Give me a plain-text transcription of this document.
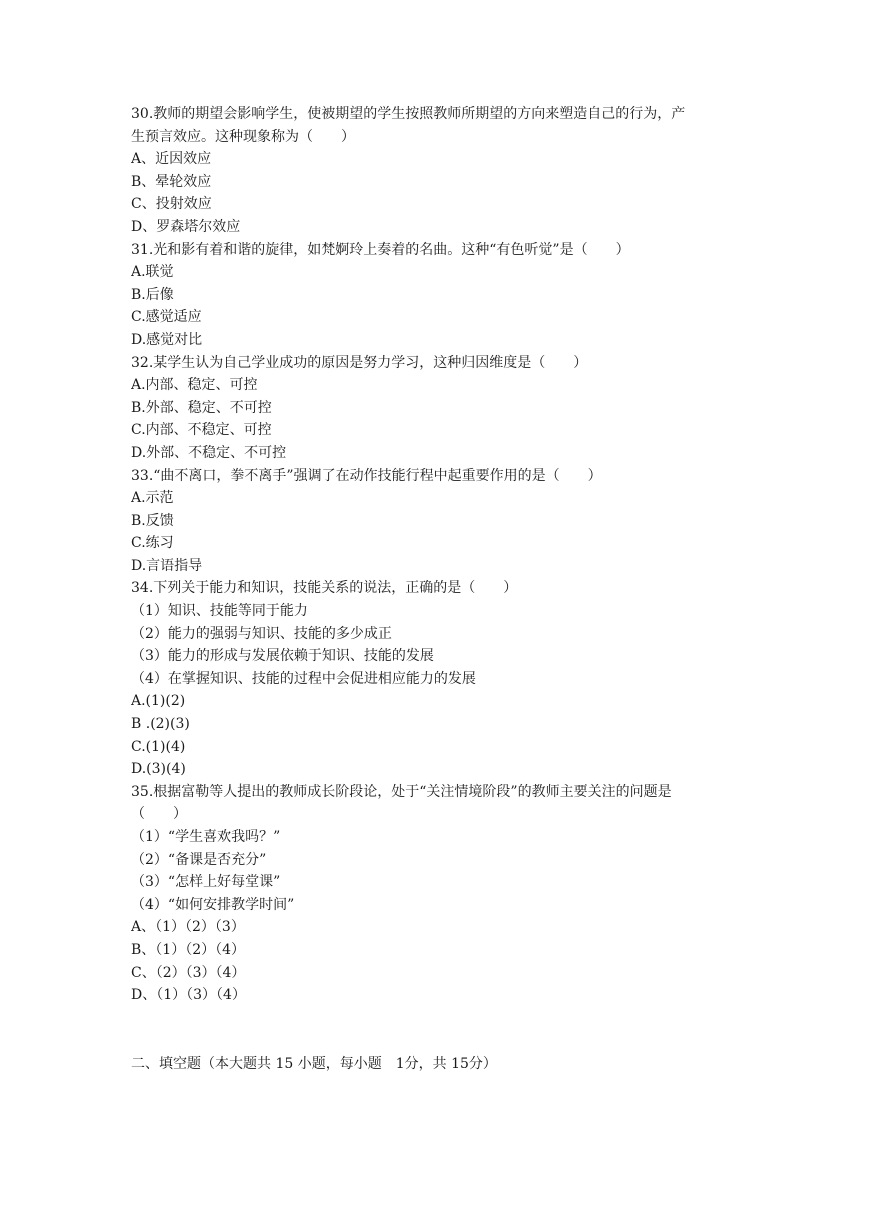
30.教师的期望会影响学生，使被期望的学生按照教师所期望的方向来塑造自己的行为，产
生预言效应。这种现象称为（　　）
A、近因效应
B、晕轮效应
C、投射效应
D、罗森塔尔效应
31.光和影有着和谐的旋律，如梵婀玲上奏着的名曲。这种“有色听觉”是（　　）
A.联觉
B.后像
C.感觉适应
D.感觉对比
32.某学生认为自己学业成功的原因是努力学习，这种归因维度是（　　）
A.内部、稳定、可控
B.外部、稳定、不可控
C.内部、不稳定、可控
D.外部、不稳定、不可控
33.“曲不离口，拳不离手”强调了在动作技能行程中起重要作用的是（　　）
A.示范
B.反馈
C.练习
D.言语指导
34.下列关于能力和知识，技能关系的说法，正确的是（　　）
（1）知识、技能等同于能力
（2）能力的强弱与知识、技能的多少成正
（3）能力的形成与发展依赖于知识、技能的发展
（4）在掌握知识、技能的过程中会促进相应能力的发展
A.(1)(2)
B .(2)(3)
C.(1)(4)
D.(3)(4)
35.根据富勒等人提出的教师成长阶段论，处于“关注情境阶段”的教师主要关注的问题是
（　　）
（1）“学生喜欢我吗？”
（2）“备课是否充分”
（3）“怎样上好每堂课”
（4）“如何安排教学时间”
A、（1）（2）（3）
B、（1）（2）（4）
C、（2）（3）（4）
D、（1）（3）（4）
二、填空题（本大题共 15 小题，每小题　1分，共 15分）
